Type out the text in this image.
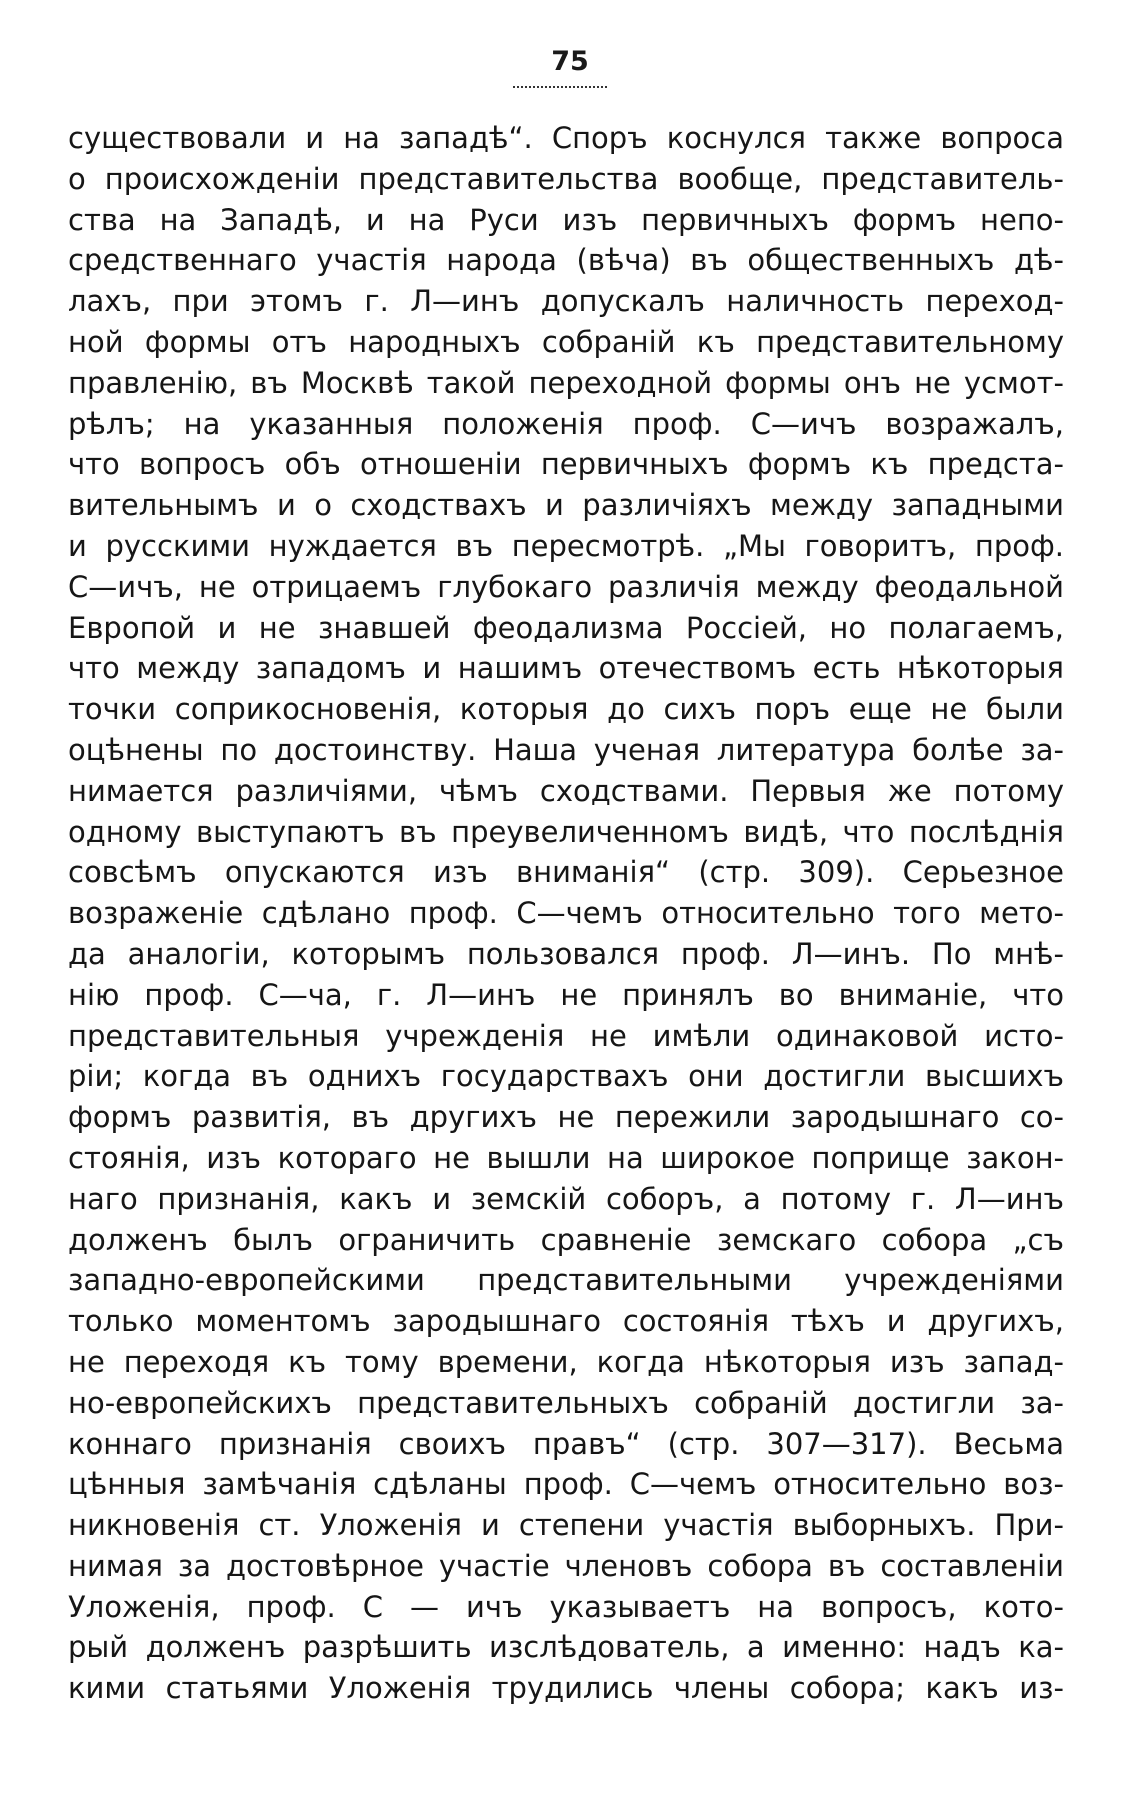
75
существовали и на западѣ“. Споръ коснулся также вопроса
о происхожденіи представительства вообще, представитель-
ства на Западѣ, и на Руси изъ первичныхъ формъ непо-
средственнаго участія народа (вѣча) въ общественныхъ дѣ-
лахъ, при этомъ г. Л—инъ допускалъ наличность переход-
ной формы отъ народныхъ собраній къ представительному
правленію, въ Москвѣ такой переходной формы онъ не усмот-
рѣлъ; на указанныя положенія проф. С—ичъ возражалъ,
что вопросъ объ отношеніи первичныхъ формъ къ предста-
вительнымъ и о сходствахъ и различіяхъ между западными
и русскими нуждается въ пересмотрѣ. „Мы говоритъ, проф.
С—ичъ, не отрицаемъ глубокаго различія между феодальной
Европой и не знавшей феодализма Россіей, но полагаемъ,
что между западомъ и нашимъ отечествомъ есть нѣкоторыя
точки соприкосновенія, которыя до сихъ поръ еще не были
оцѣнены по достоинству. Наша ученая литература болѣе за-
нимается различіями, чѣмъ сходствами. Первыя же потому
одному выступаютъ въ преувеличенномъ видѣ, что послѣднія
совсѣмъ опускаются изъ вниманія“ (стр. 309). Серьезное
возраженіе сдѣлано проф. С—чемъ относительно того мето-
да аналогіи, которымъ пользовался проф. Л—инъ. По мнѣ-
нію проф. С—ча, г. Л—инъ не принялъ во вниманіе, что
представительныя учрежденія не имѣли одинаковой исто-
ріи; когда въ однихъ государствахъ они достигли высшихъ
формъ развитія, въ другихъ не пережили зародышнаго со-
стоянія, изъ котораго не вышли на широкое поприще закон-
наго признанія, какъ и земскій соборъ, а потому г. Л—инъ
долженъ былъ ограничить сравненіе земскаго собора „съ
западно-европейскими представительными учрежденіями
только моментомъ зародышнаго состоянія тѣхъ и другихъ,
не переходя къ тому времени, когда нѣкоторыя изъ запад-
но-европейскихъ представительныхъ собраній достигли за-
коннаго признанія своихъ правъ“ (стр. 307—317). Весьма
цѣнныя замѣчанія сдѣланы проф. С—чемъ относительно воз-
никновенія ст. Уложенія и степени участія выборныхъ. При-
нимая за достовѣрное участіе членовъ собора въ составленіи
Уложенія, проф. С — ичъ указываетъ на вопросъ, кото-
рый долженъ разрѣшить изслѣдователь, а именно: надъ ка-
кими статьями Уложенія трудились члены собора; какъ из-
